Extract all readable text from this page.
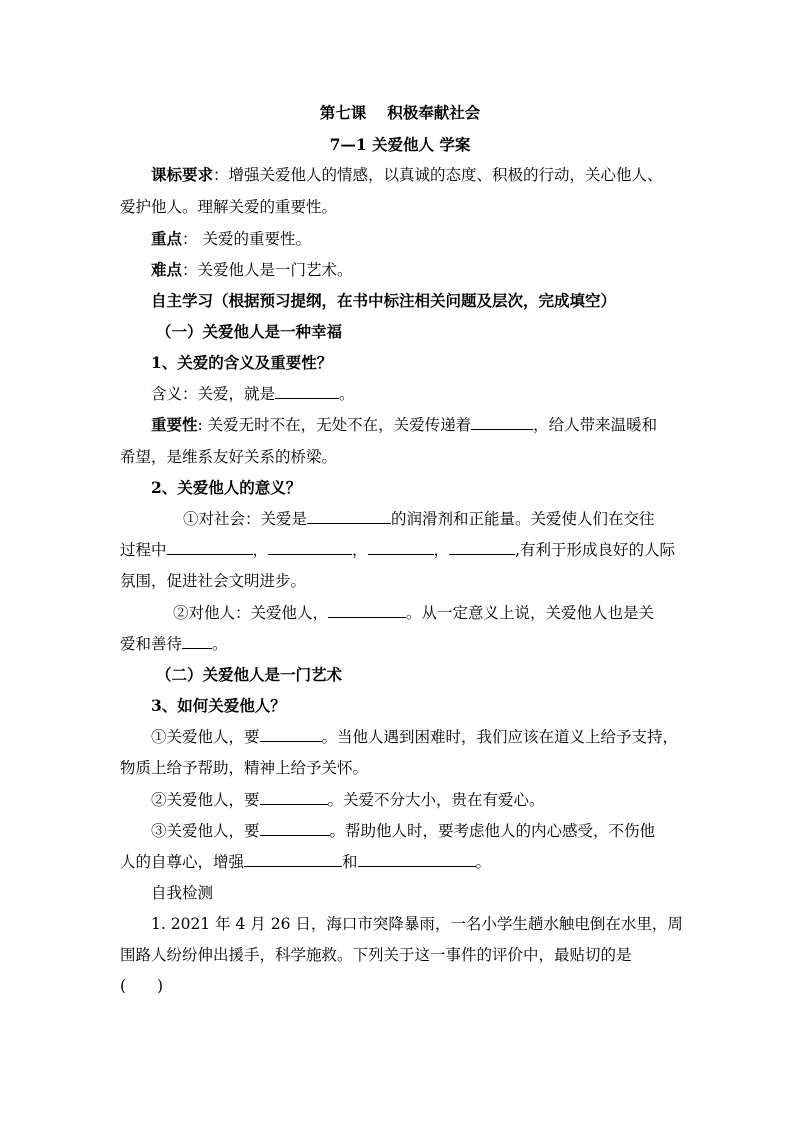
第七课　 积极奉献社会
7—1 关爱他人 学案
课标要求：增强关爱他人的情感，以真诚的态度、积极的行动，关心他人、
爱护他人。理解关爱的重要性。
重点： 关爱的重要性。
难点：关爱他人是一门艺术。
自主学习（根据预习提纲，在书中标注相关问题及层次，完成填空）
（一）关爱他人是一种幸福
1、关爱的含义及重要性？
含义：关爱，就是	。
重要性: 关爱无时不在，无处不在，关爱传递着	，给人带来温暖和
希望，是维系友好关系的桥梁。
2、关爱他人的意义？
①对社会：关爱是	的润滑剂和正能量。关爱使人们在交往
过程中	，	，	，	,有利于形成良好的人际
氛围，促进社会文明进步。
②对他人：关爱他人，	。从一定意义上说，关爱他人也是关
爱和善待 。
（二）关爱他人是一门艺术
3、如何关爱他人？
①关爱他人，要	。当他人遇到困难时，我们应该在道义上给予支持，
物质上给予帮助，精神上给予关怀。
②关爱他人，要	。关爱不分大小，贵在有爱心。
③关爱他人，要	。帮助他人时，要考虑他人的内心感受，不伤他
人的自尊心，增强	和	。
自我检测
1. 2021 年 4 月 26 日，海口市突降暴雨，一名小学生趟水触电倒在水里，周
围路人纷纷伸出援手，科学施救。下列关于这一事件的评价中，最贴切的是
(　　)
